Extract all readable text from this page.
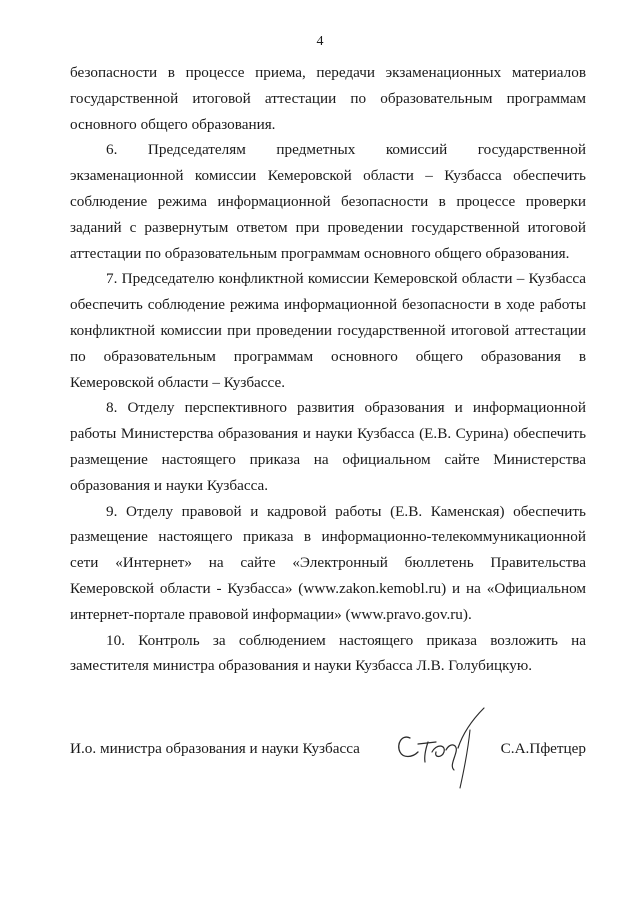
4

безопасности в процессе приема, передачи экзаменационных материалов государственной итоговой аттестации по образовательным программам основного общего образования.

6. Председателям предметных комиссий государственной экзаменационной комиссии Кемеровской области – Кузбасса обеспечить соблюдение режима информационной безопасности в процессе проверки заданий с развернутым ответом при проведении государственной итоговой аттестации по образовательным программам основного общего образования.

7. Председателю конфликтной комиссии Кемеровской области – Кузбасса обеспечить соблюдение режима информационной безопасности в ходе работы конфликтной комиссии при проведении государственной итоговой аттестации по образовательным программам основного общего образования в Кемеровской области – Кузбассе.

8. Отделу перспективного развития образования и информационной работы Министерства образования и науки Кузбасса (Е.В. Сурина) обеспечить размещение настоящего приказа на официальном сайте Министерства образования и науки Кузбасса.

9. Отделу правовой и кадровой работы (Е.В. Каменская) обеспечить размещение настоящего приказа в информационно-телекоммуникационной сети «Интернет» на сайте «Электронный бюллетень Правительства Кемеровской области - Кузбасса» (www.zakon.kemobl.ru) и на «Официальном интернет-портале правовой информации» (www.pravo.gov.ru).

10. Контроль за соблюдением настоящего приказа возложить на заместителя министра образования и науки Кузбасса Л.В. Голубицкую.

И.о. министра образования и науки Кузбасса	С.А.Пфетцер
